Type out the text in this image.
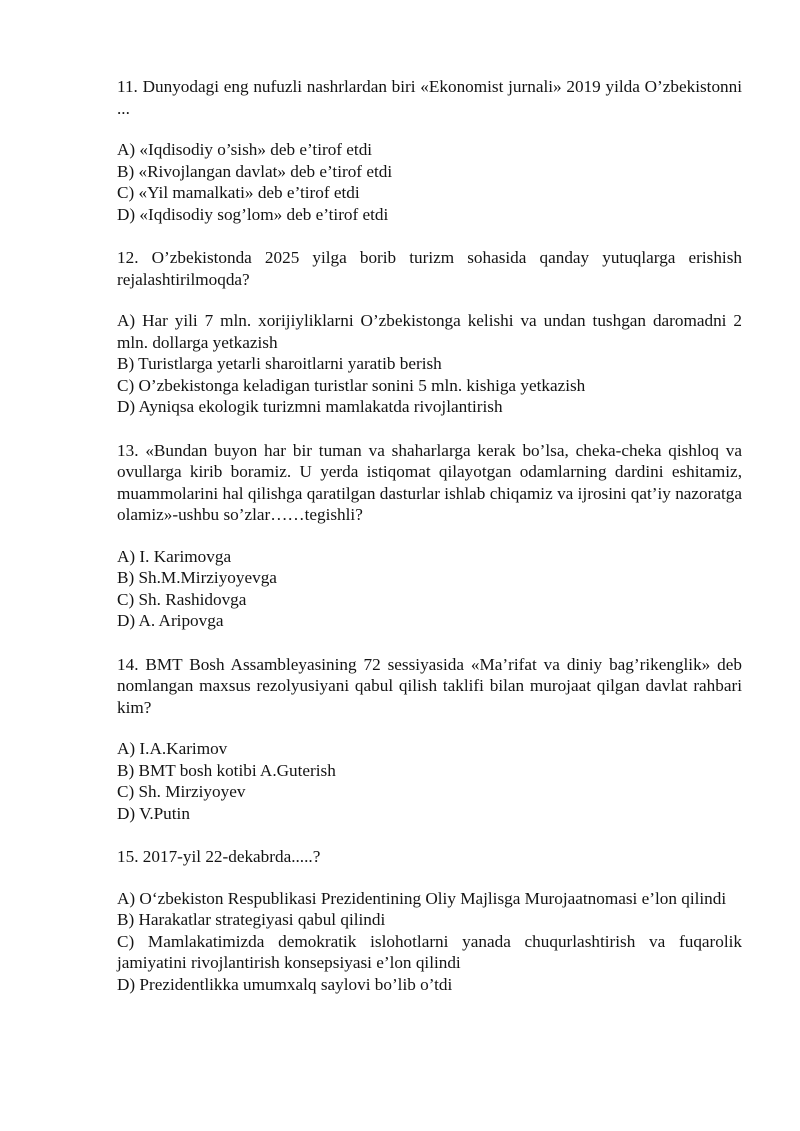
11. Dunyodagi eng nufuzli nashrlardan biri «Ekonomist jurnali» 2019 yilda O’zbekistonni ...

A) «Iqdisodiy o’sish» deb e’tirof etdi

B) «Rivojlangan davlat» deb e’tirof etdi

C) «Yil mamalkati» deb e’tirof etdi

D) «Iqdisodiy sog’lom» deb e’tirof etdi

12. O’zbekistonda 2025 yilga borib turizm sohasida qanday yutuqlarga erishish rejalashtirilmoqda?

A) Har yili 7 mln. xorijiyliklarni O’zbekistonga kelishi va undan tushgan daromadni 2 mln. dollarga yetkazish

B) Turistlarga yetarli sharoitlarni yaratib berish

C) O’zbekistonga keladigan turistlar sonini 5 mln. kishiga yetkazish

D) Ayniqsa ekologik turizmni mamlakatda rivojlantirish

13. «Bundan buyon har bir tuman va shaharlarga kerak bo’lsa, cheka-cheka qishloq va ovullarga kirib boramiz. U yerda istiqomat qilayotgan odamlarning dardini eshitamiz, muammolarini hal qilishga qaratilgan dasturlar ishlab chiqamiz va ijrosini qat’iy nazoratga olamiz»-ushbu so’zlar……tegishli?

A) I. Karimovga

B) Sh.M.Mirziyoyevga

C) Sh. Rashidovga

D) A. Aripovga

14. BMT Bosh Assambleyasining 72 sessiyasida «Ma’rifat va diniy bag’rikenglik» deb nomlangan maxsus rezolyusiyani qabul qilish taklifi bilan murojaat qilgan davlat rahbari kim?

A) I.A.Karimov

B) BMT bosh kotibi A.Guterish

C) Sh. Mirziyoyev

D) V.Putin

15. 2017-yil 22-dekabrda.....?

A) O‘zbekiston Respublikasi Prezidentining Oliy Majlisga Murojaatnomasi e’lon qilindi

B) Harakatlar strategiyasi qabul qilindi

C) Mamlakatimizda demokratik islohotlarni yanada chuqurlashtirish va fuqarolik jamiyatini rivojlantirish konsepsiyasi e’lon qilindi

D) Prezidentlikka umumxalq saylovi bo’lib o’tdi
